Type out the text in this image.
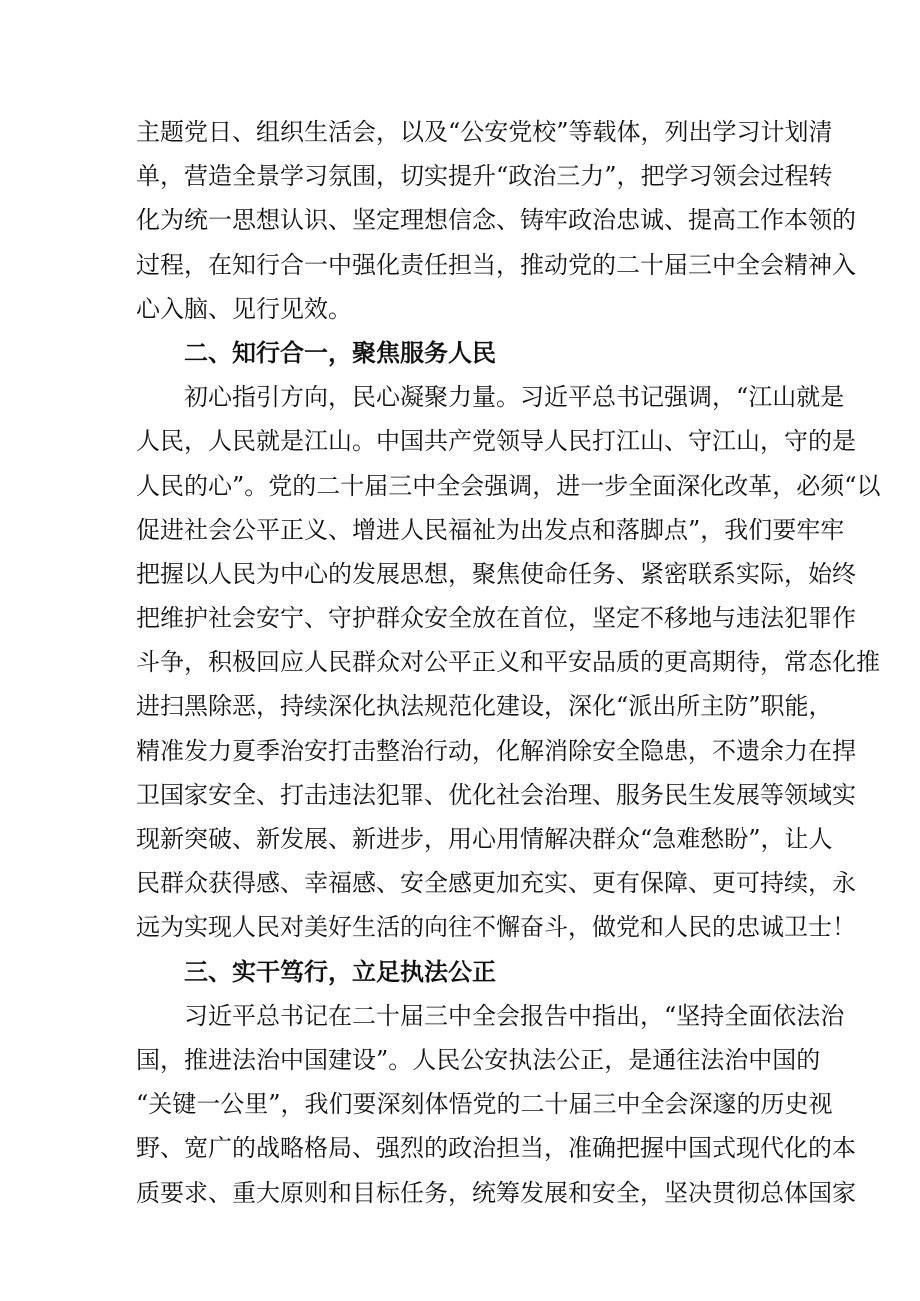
主题党日、组织生活会，以及“公安党校”等载体，列出学习计划清
单，营造全景学习氛围，切实提升“政治三力”，把学习领会过程转
化为统一思想认识、坚定理想信念、铸牢政治忠诚、提高工作本领的
过程，在知行合一中强化责任担当，推动党的二十届三中全会精神入
心入脑、见行见效。
二、知行合一，聚焦服务人民
初心指引方向，民心凝聚力量。习近平总书记强调，“江山就是
人民，人民就是江山。中国共产党领导人民打江山、守江山，守的是
人民的心”。党的二十届三中全会强调，进一步全面深化改革，必须“以
促进社会公平正义、增进人民福祉为出发点和落脚点”，我们要牢牢
把握以人民为中心的发展思想，聚焦使命任务、紧密联系实际，始终
把维护社会安宁、守护群众安全放在首位，坚定不移地与违法犯罪作
斗争，积极回应人民群众对公平正义和平安品质的更高期待，常态化推
进扫黑除恶，持续深化执法规范化建设，深化“派出所主防”职能，
精准发力夏季治安打击整治行动，化解消除安全隐患，不遗余力在捍
卫国家安全、打击违法犯罪、优化社会治理、服务民生发展等领域实
现新突破、新发展、新进步，用心用情解决群众“急难愁盼”，让人
民群众获得感、幸福感、安全感更加充实、更有保障、更可持续，永
远为实现人民对美好生活的向往不懈奋斗，做党和人民的忠诚卫士！
三、实干笃行，立足执法公正
习近平总书记在二十届三中全会报告中指出，“坚持全面依法治
国，推进法治中国建设”。人民公安执法公正，是通往法治中国的
“关键一公里”，我们要深刻体悟党的二十届三中全会深邃的历史视
野、宽广的战略格局、强烈的政治担当，准确把握中国式现代化的本
质要求、重大原则和目标任务，统筹发展和安全，坚决贯彻总体国家
